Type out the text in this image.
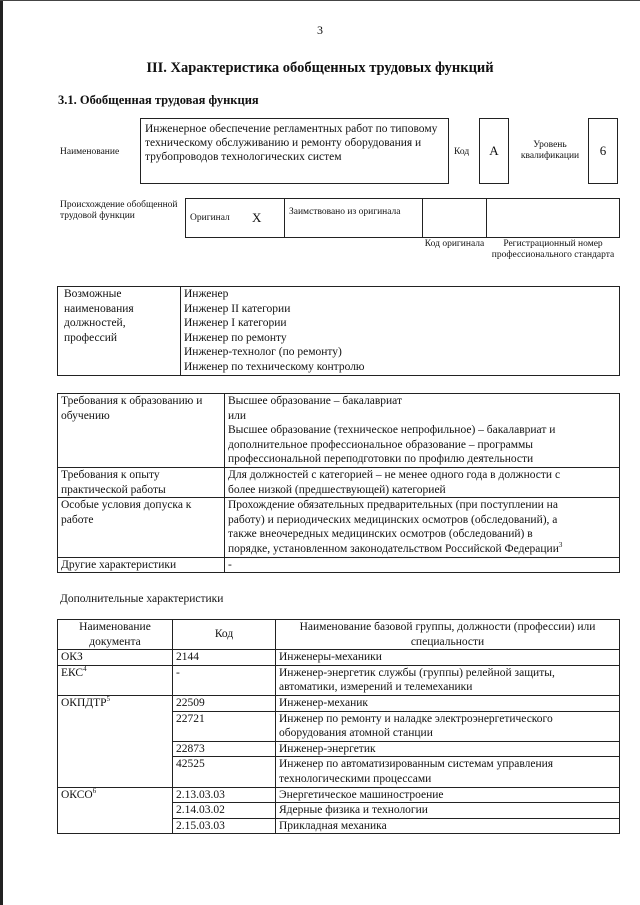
3
III. Характеристика обобщенных трудовых функций
3.1. Обобщенная трудовая функция
Наименование
Инженерное обеспечение регламентных работ по типовому техническому обслуживанию и ремонту оборудования и трубопроводов технологических систем	Код	A	Уровень квалификации	6
Происхождение обобщенной трудовой функции	Оригинал X	Заимствовано из оригинала
Код оригинала	Регистрационный номер профессионального стандарта
Возможные наименования должностей, профессий	
Инженер
Инженер II категории
Инженер I категории
Инженер по ремонту
Инженер-технолог (по ремонту)
Инженер по техническому контролю
Требования к образованию и обучению	Высшее образование – бакалавриат
или
Высшее образование (техническое непрофильное) – бакалавриат и
дополнительное профессиональное образование – программы
профессиональной переподготовки по профилю деятельности

Требования к опыту практической работы	Для должностей с категорией – не менее одного года в должности с
более низкой (предшествующей) категорией

Особые условия допуска к работе	Прохождение обязательных предварительных (при поступлении на
работу) и периодических медицинских осмотров (обследований), а
также внеочередных медицинских осмотров (обследований) в
порядке, установленном законодательством Российской Федерации$^3$

Другие характеристики	-
Дополнительные характеристики
Наименование документа	Код	Наименование базовой группы, должности (профессии) или специальности
ОКЗ	2144	Инженеры-механики

ЕКС$^4$	-	Инженер-энергетик службы (группы) релейной защиты,
автоматики, измерений и телемеханики

ОКПДТР$^5$	22509	Инженер-механик

	22721	Инженер по ремонту и наладке электроэнергетического
оборудования атомной станции

	22873	Инженер-энергетик

	42525	Инженер по автоматизированным системам управления
технологическими процессами

ОКСО$^6$	2.13.03.03	Энергетическое машиностроение

	2.14.03.02	Ядерные физика и технологии

	2.15.03.03	Прикладная механика
